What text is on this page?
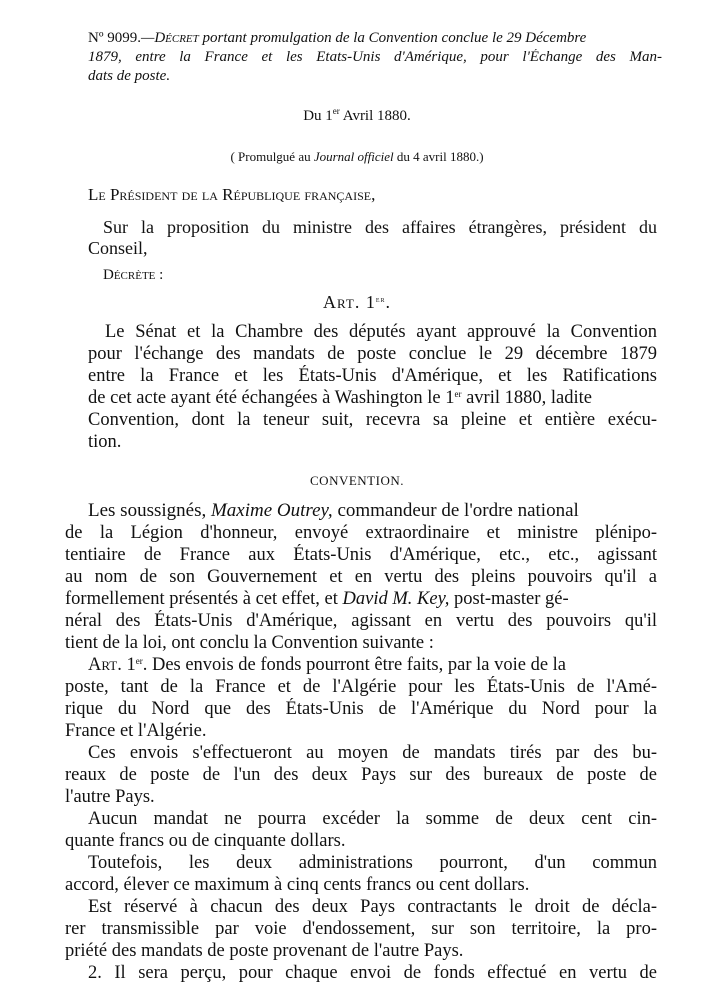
Nº 9099.—Décret portant promulgation de la Convention conclue le 29 Décembre
1879, entre la France et les Etats-Unis d'Amérique, pour l'Échange des Man-
dats de poste.
Du 1er Avril 1880.
( Promulgué au Journal officiel du 4 avril 1880.)
Le Président de la République française,
Sur la proposition du ministre des affaires étrangères, président du
Conseil,
Décrète :
Art. 1er.
Le Sénat et la Chambre des députés ayant approuvé la Convention
pour l'échange des mandats de poste conclue le 29 décembre 1879
entre la France et les États-Unis d'Amérique, et les Ratifications
de cet acte ayant été échangées à Washington le 1er avril 1880, ladite
Convention, dont la teneur suit, recevra sa pleine et entière exécu-
tion.
CONVENTION.
Les soussignés, Maxime Outrey, commandeur de l'ordre national
de la Légion d'honneur, envoyé extraordinaire et ministre plénipo-
tentiaire de France aux États-Unis d'Amérique, etc., etc., agissant
au nom de son Gouvernement et en vertu des pleins pouvoirs qu'il a
formellement présentés à cet effet, et David M. Key, post-master gé-
néral des États-Unis d'Amérique, agissant en vertu des pouvoirs qu'il
tient de la loi, ont conclu la Convention suivante :
Art. 1er. Des envois de fonds pourront être faits, par la voie de la
poste, tant de la France et de l'Algérie pour les États-Unis de l'Amé-
rique du Nord que des États-Unis de l'Amérique du Nord pour la
France et l'Algérie.
Ces envois s'effectueront au moyen de mandats tirés par des bu-
reaux de poste de l'un des deux Pays sur des bureaux de poste de
l'autre Pays.
Aucun mandat ne pourra excéder la somme de deux cent cin-
quante francs ou de cinquante dollars.
Toutefois, les deux administrations pourront, d'un commun
accord, élever ce maximum à cinq cents francs ou cent dollars.
Est réservé à chacun des deux Pays contractants le droit de décla-
rer transmissible par voie d'endossement, sur son territoire, la pro-
priété des mandats de poste provenant de l'autre Pays.
2. Il sera perçu, pour chaque envoi de fonds effectué en vertu de
